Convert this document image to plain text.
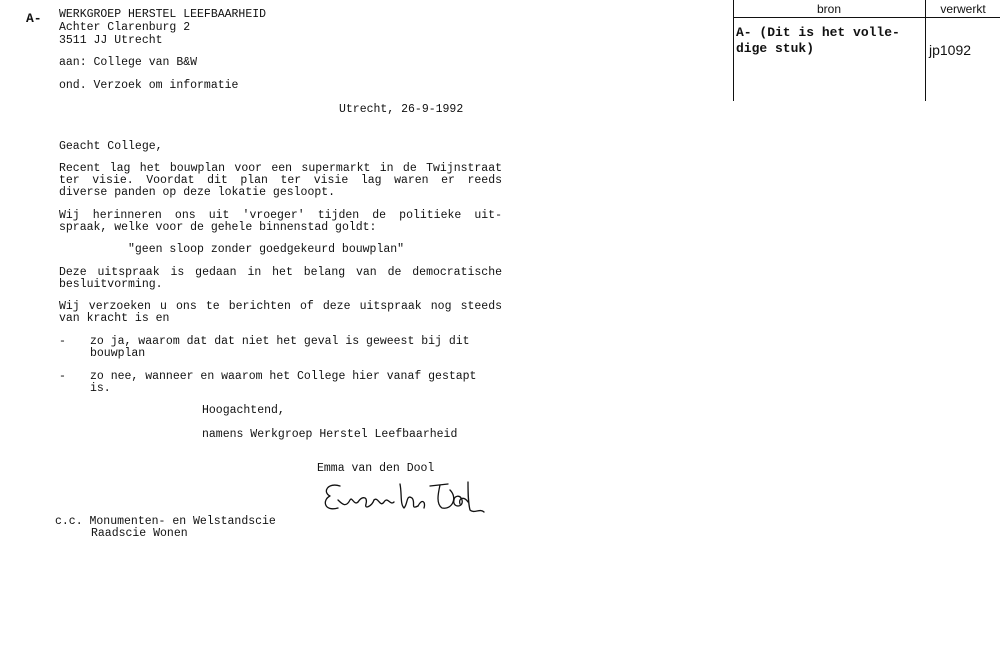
A- WERKGROEP HERSTEL LEEFBAARHEID
Achter Clarenburg 2
3511 JJ Utrecht
aan: College van B&W
ond. Verzoek om informatie
Utrecht, 26-9-1992
Geacht College,
Recent lag het bouwplan voor een supermarkt in de Twijnstraat
ter visie. Voordat dit plan ter visie lag waren er reeds
diverse panden op deze lokatie gesloopt.
Wij herinneren ons uit 'vroeger' tijden de politieke uit-
spraak, welke voor de gehele binnenstad goldt:
"geen sloop zonder goedgekeurd bouwplan"
Deze uitspraak is gedaan in het belang van de democratische
besluitvorming.
Wij verzoeken u ons te berichten of deze uitspraak nog steeds
van kracht is en
- zo ja, waarom dat dat niet het geval is geweest bij dit
bouwplan
- zo nee, wanneer en waarom het College hier vanaf gestapt
is.
Hoogachtend,
namens Werkgroep Herstel Leefbaarheid
Emma van den Dool
c.c. Monumenten- en Welstandscie
Raadscie Wonen
bron	verwerkt
A- (Dit is het volle-
dige stuk)	jp1092
